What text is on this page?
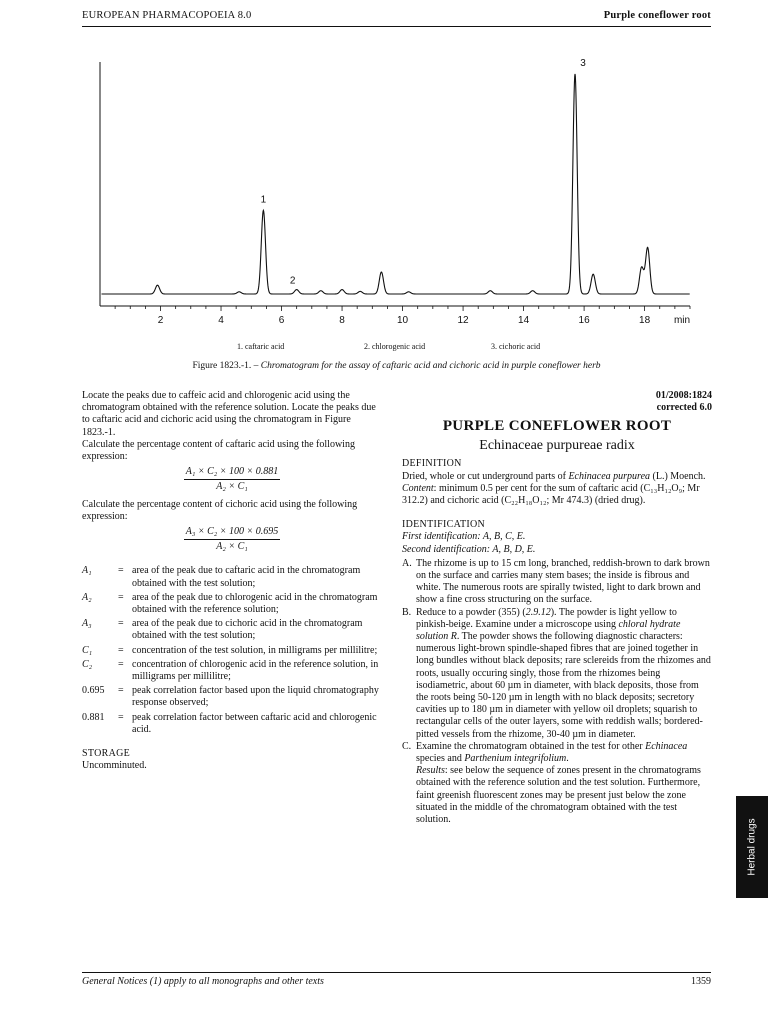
EUROPEAN PHARMACOPOEIA 8.0	Purple coneflower root
2	4	6	8	10	12	14	16	18 min
1
2
3
1. caftaric acid	2. chlorogenic acid	3. cichoric acid
Figure 1823.-1. – Chromatogram for the assay of caftaric acid and cichoric acid in purple coneflower herb

Locate the peaks due to caffeic acid and chlorogenic acid using the chromatogram obtained with the reference solution. Locate the peaks due to caftaric acid and cichoric acid using the chromatogram in Figure 1823.-1.

Calculate the percentage content of caftaric acid using the following expression:

A₁ × C₂ × 100 × 0.881
A₂ × C₁

Calculate the percentage content of cichoric acid using the following expression:

A₃ × C₂ × 100 × 0.695
A₂ × C₁
A₁	= area of the peak due to caftaric acid in the chromatogram obtained with the test solution;
A₂	= area of the peak due to chlorogenic acid in the chromatogram obtained with the reference solution;
A₃	= area of the peak due to cichoric acid in the chromatogram obtained with the test solution;
C₁	= concentration of the test solution, in milligrams per millilitre;
C₂	= concentration of chlorogenic acid in the reference solution, in milligrams per millilitre;
0.695	= peak correlation factor based upon the liquid chromatography response observed;
0.881	= peak correlation factor between caftaric acid and chlorogenic acid.

STORAGE

Uncomminuted.

01/2008:1824
corrected 6.0
PURPLE CONEFLOWER ROOT
Echinaceae purpureae radix

DEFINITION

Dried, whole or cut underground parts of Echinacea purpurea (L.) Moench.

Content: minimum 0.5 per cent for the sum of caftaric acid (C₁₃H₁₂O₉; Mr 312.2) and cichoric acid (C₂₂H₁₈O₁₂; Mr 474.3) (dried drug).

IDENTIFICATION

First identification: A, B, C, E.

Second identification: A, B, D, E.

A. The rhizome is up to 15 cm long, branched, reddish-brown to dark brown on the surface and carries many stem bases; the inside is fibrous and white. The numerous roots are spirally twisted, light to dark brown and show a fine cross structuring on the surface.
B. Reduce to a powder (355) (2.9.12). The powder is light yellow to pinkish-beige. Examine under a microscope using chloral hydrate solution R. The powder shows the following diagnostic characters: numerous light-brown spindle-shaped fibres that are joined together in long bundles without black deposits; rare sclereids from the rhizomes and roots, usually occuring singly, those from the rhizomes being isodiametric, about 60 µm in diameter, with black deposits, those from the roots being 50-120 µm in length with no black deposits; secretory cavities up to 180 µm in diameter with yellow oil droplets; squarish to rectangular cells of the outer layers, some with reddish walls; bordered-pitted vessels from the rhizome, 30-40 µm in diameter.
C. Examine the chromatogram obtained in the test for other Echinacea species and Parthenium integrifolium.
Results: see below the sequence of zones present in the chromatograms obtained with the reference solution and the test solution. Furthermore, faint greenish fluorescent zones may be present just below the zone situated in the middle of the chromatogram obtained with the test solution.	Herbal drugs
General Notices (1) apply to all monographs and other texts	1359
